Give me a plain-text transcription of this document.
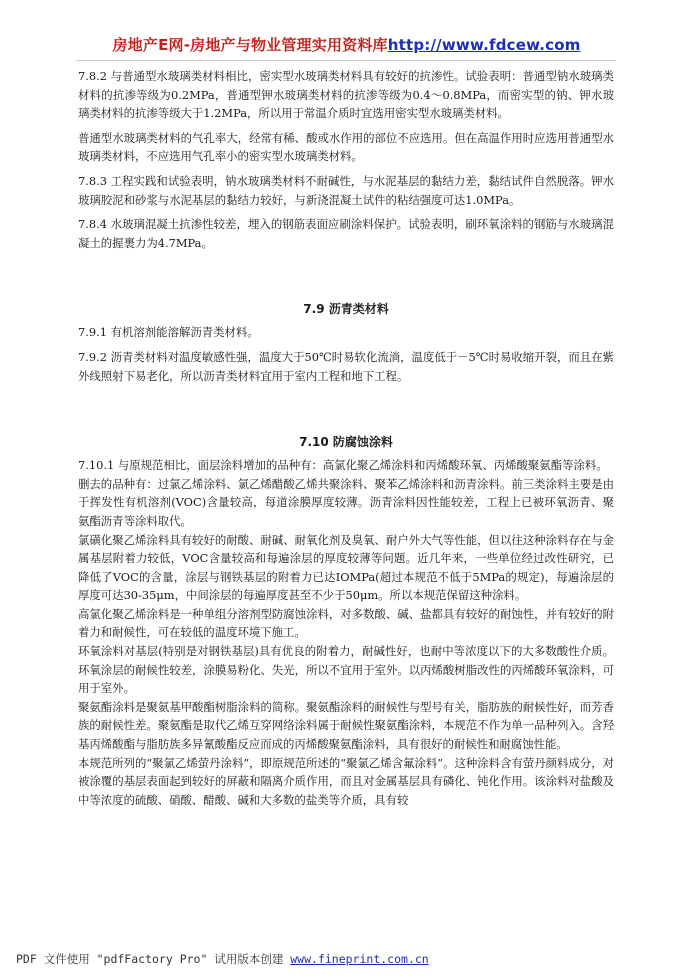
房地产E网-房地产与物业管理实用资料库http://www.fdcew.com

7.8.2 与普通型水玻璃类材料相比，密实型水玻璃类材料具有较好的抗渗性。试验表明：普通型钠水玻璃类材料的抗渗等级为0.2MPa，普通型钾水玻璃类材料的抗渗等级为0.4～0.8MPa，而密实型的钠、钾水玻璃类材料的抗渗等级大于1.2MPa，所以用于常温介质时宜选用密实型水玻璃类材料。

普通型水玻璃类材料的气孔率大，经常有稀、酸或水作用的部位不应选用。但在高温作用时应选用普通型水玻璃类材料，不应选用气孔率小的密实型水玻璃类材料。

7.8.3 工程实践和试验表明，钠水玻璃类材料不耐碱性，与水泥基层的黏结力差，黏结试件自然脱落。钾水玻璃胶泥和砂浆与水泥基层的黏结力较好，与新浇混凝土试件的粘结强度可达1.0MPa。

7.8.4 水玻璃混凝土抗渗性较差，埋入的钢筋表面应刷涂料保护。试验表明，刷环氧涂料的钢筋与水玻璃混凝土的握裹力为4.7MPa。

7.9 沥青类材料

7.9.1 有机溶剂能溶解沥青类材料。

7.9.2 沥青类材料对温度敏感性强，温度大于50℃时易软化流淌，温度低于－5℃时易收缩开裂，而且在紫外线照射下易老化，所以沥青类材料宜用于室内工程和地下工程。

7.10 防腐蚀涂料

7.10.1 与原规范相比，面层涂料增加的品种有：高氯化聚乙烯涂料和丙烯酸环氧、丙烯酸聚氨酯等涂料。

删去的品种有：过氯乙烯涂料、氯乙烯醋酸乙烯共聚涂料、聚苯乙烯涂料和沥青涂料。前三类涂料主要是由于挥发性有机溶剂(VOC)含量较高，每道涂膜厚度较薄。沥青涂料因性能较差，工程上已被环氧沥青、聚氨酯沥青等涂料取代。

氯磺化聚乙烯涂料具有较好的耐酸、耐碱、耐氧化剂及臭氧、耐户外大气等性能，但以往这种涂料存在与金属基层附着力较低，VOC含量较高和每遍涂层的厚度较薄等问题。近几年来，一些单位经过改性研究，已降低了VOC的含量，涂层与钢铁基层的附着力已达IOMPa(超过本规范不低于5MPa的规定)，每遍涂层的厚度可达30-35μm，中间涂层的每遍厚度甚至不少于50μm。所以本规范保留这种涂料。

高氯化聚乙烯涂料是一种单组分溶剂型防腐蚀涂料，对多数酸、碱、盐都具有较好的耐蚀性，并有较好的附着力和耐候性，可在较低的温度环境下施工。

环氧涂料对基层(特别是对钢铁基层)具有优良的附着力，耐碱性好，也耐中等浓度以下的大多数酸性介质。环氧涂层的耐候性较差，涂膜易粉化、失光，所以不宜用于室外。以丙烯酸树脂改性的丙烯酸环氧涂料，可用于室外。

聚氨酯涂料是聚氨基甲酸酯树脂涂料的简称。聚氨酯涂料的耐候性与型号有关，脂肪族的耐候性好，而芳香族的耐候性差。聚氨酯是取代乙烯互穿网络涂料属于耐候性聚氨酯涂料，本规范不作为单一品种列入。含羟基丙烯酸酯与脂肪族多异氰酸酯反应而成的丙烯酸聚氨酯涂料，具有很好的耐候性和耐腐蚀性能。

本规范所列的“聚氯乙烯萤丹涂料”，即原规范所述的“聚氯乙烯含氟涂料”。这种涂料含有萤丹颜料成分，对被涂覆的基层表面起到较好的屏蔽和隔离介质作用，而且对金属基层具有磷化、钝化作用。该涂料对盐酸及中等浓度的硫酸、硝酸、醋酸、碱和大多数的盐类等介质，具有较

PDF 文件使用 "pdfFactory Pro" 试用版本创建 www.fineprint.com.cn
